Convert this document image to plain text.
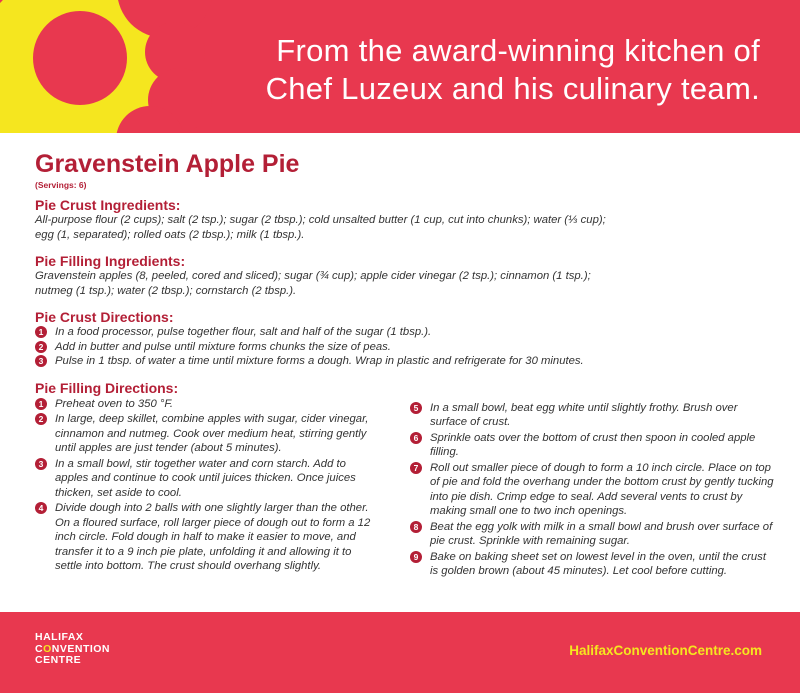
From the award-winning kitchen of
Chef Luzeux and his culinary team.
Gravenstein Apple Pie
(Servings: 6)
Pie Crust Ingredients:
All-purpose flour (2 cups); salt (2 tsp.); sugar (2 tbsp.); cold unsalted butter (1 cup, cut into chunks); water (⅓ cup);
egg (1, separated); rolled oats (2 tbsp.); milk (1 tbsp.).
Pie Filling Ingredients:
Gravenstein apples (8, peeled, cored and sliced); sugar (¾ cup); apple cider vinegar (2 tsp.); cinnamon (1 tsp.);
nutmeg (1 tsp.); water (2 tbsp.); cornstarch (2 tbsp.).
Pie Crust Directions:
1	In a food processor, pulse together flour, salt and half of the sugar (1 tbsp.).
2	Add in butter and pulse until mixture forms chunks the size of peas.
3	Pulse in 1 tbsp. of water a time until mixture forms a dough. Wrap in plastic and refrigerate for 30 minutes.
Pie Filling Directions:
1	Preheat oven to 350 °F.
2	In large, deep skillet, combine apples with sugar, cider vinegar, cinnamon and nutmeg. Cook over medium heat, stirring gently until apples are just tender (about 5 minutes).
3	In a small bowl, stir together water and corn starch. Add to apples and continue to cook until juices thicken. Once juices thicken, set aside to cool.
4	Divide dough into 2 balls with one slightly larger than the other. On a floured surface, roll larger piece of dough out to form a 12 inch circle. Fold dough in half to make it easier to move, and transfer it to a 9 inch pie plate, unfolding it and allowing it to settle into bottom. The crust should overhang slightly.
5	In a small bowl, beat egg white until slightly frothy. Brush over surface of crust.
6	Sprinkle oats over the bottom of crust then spoon in cooled apple filling.
7	Roll out smaller piece of dough to form a 10 inch circle. Place on top of pie and fold the overhang under the bottom crust by gently tucking into pie dish. Crimp edge to seal. Add several vents to crust by making small one to two inch openings.
8	Beat the egg yolk with milk in a small bowl and brush over surface of pie crust. Sprinkle with remaining sugar.
9	Bake on baking sheet set on lowest level in the oven, until the crust is golden brown (about 45 minutes). Let cool before cutting.
HALIFAX
CONVENTION
CENTRE
HalifaxConventionCentre.com
